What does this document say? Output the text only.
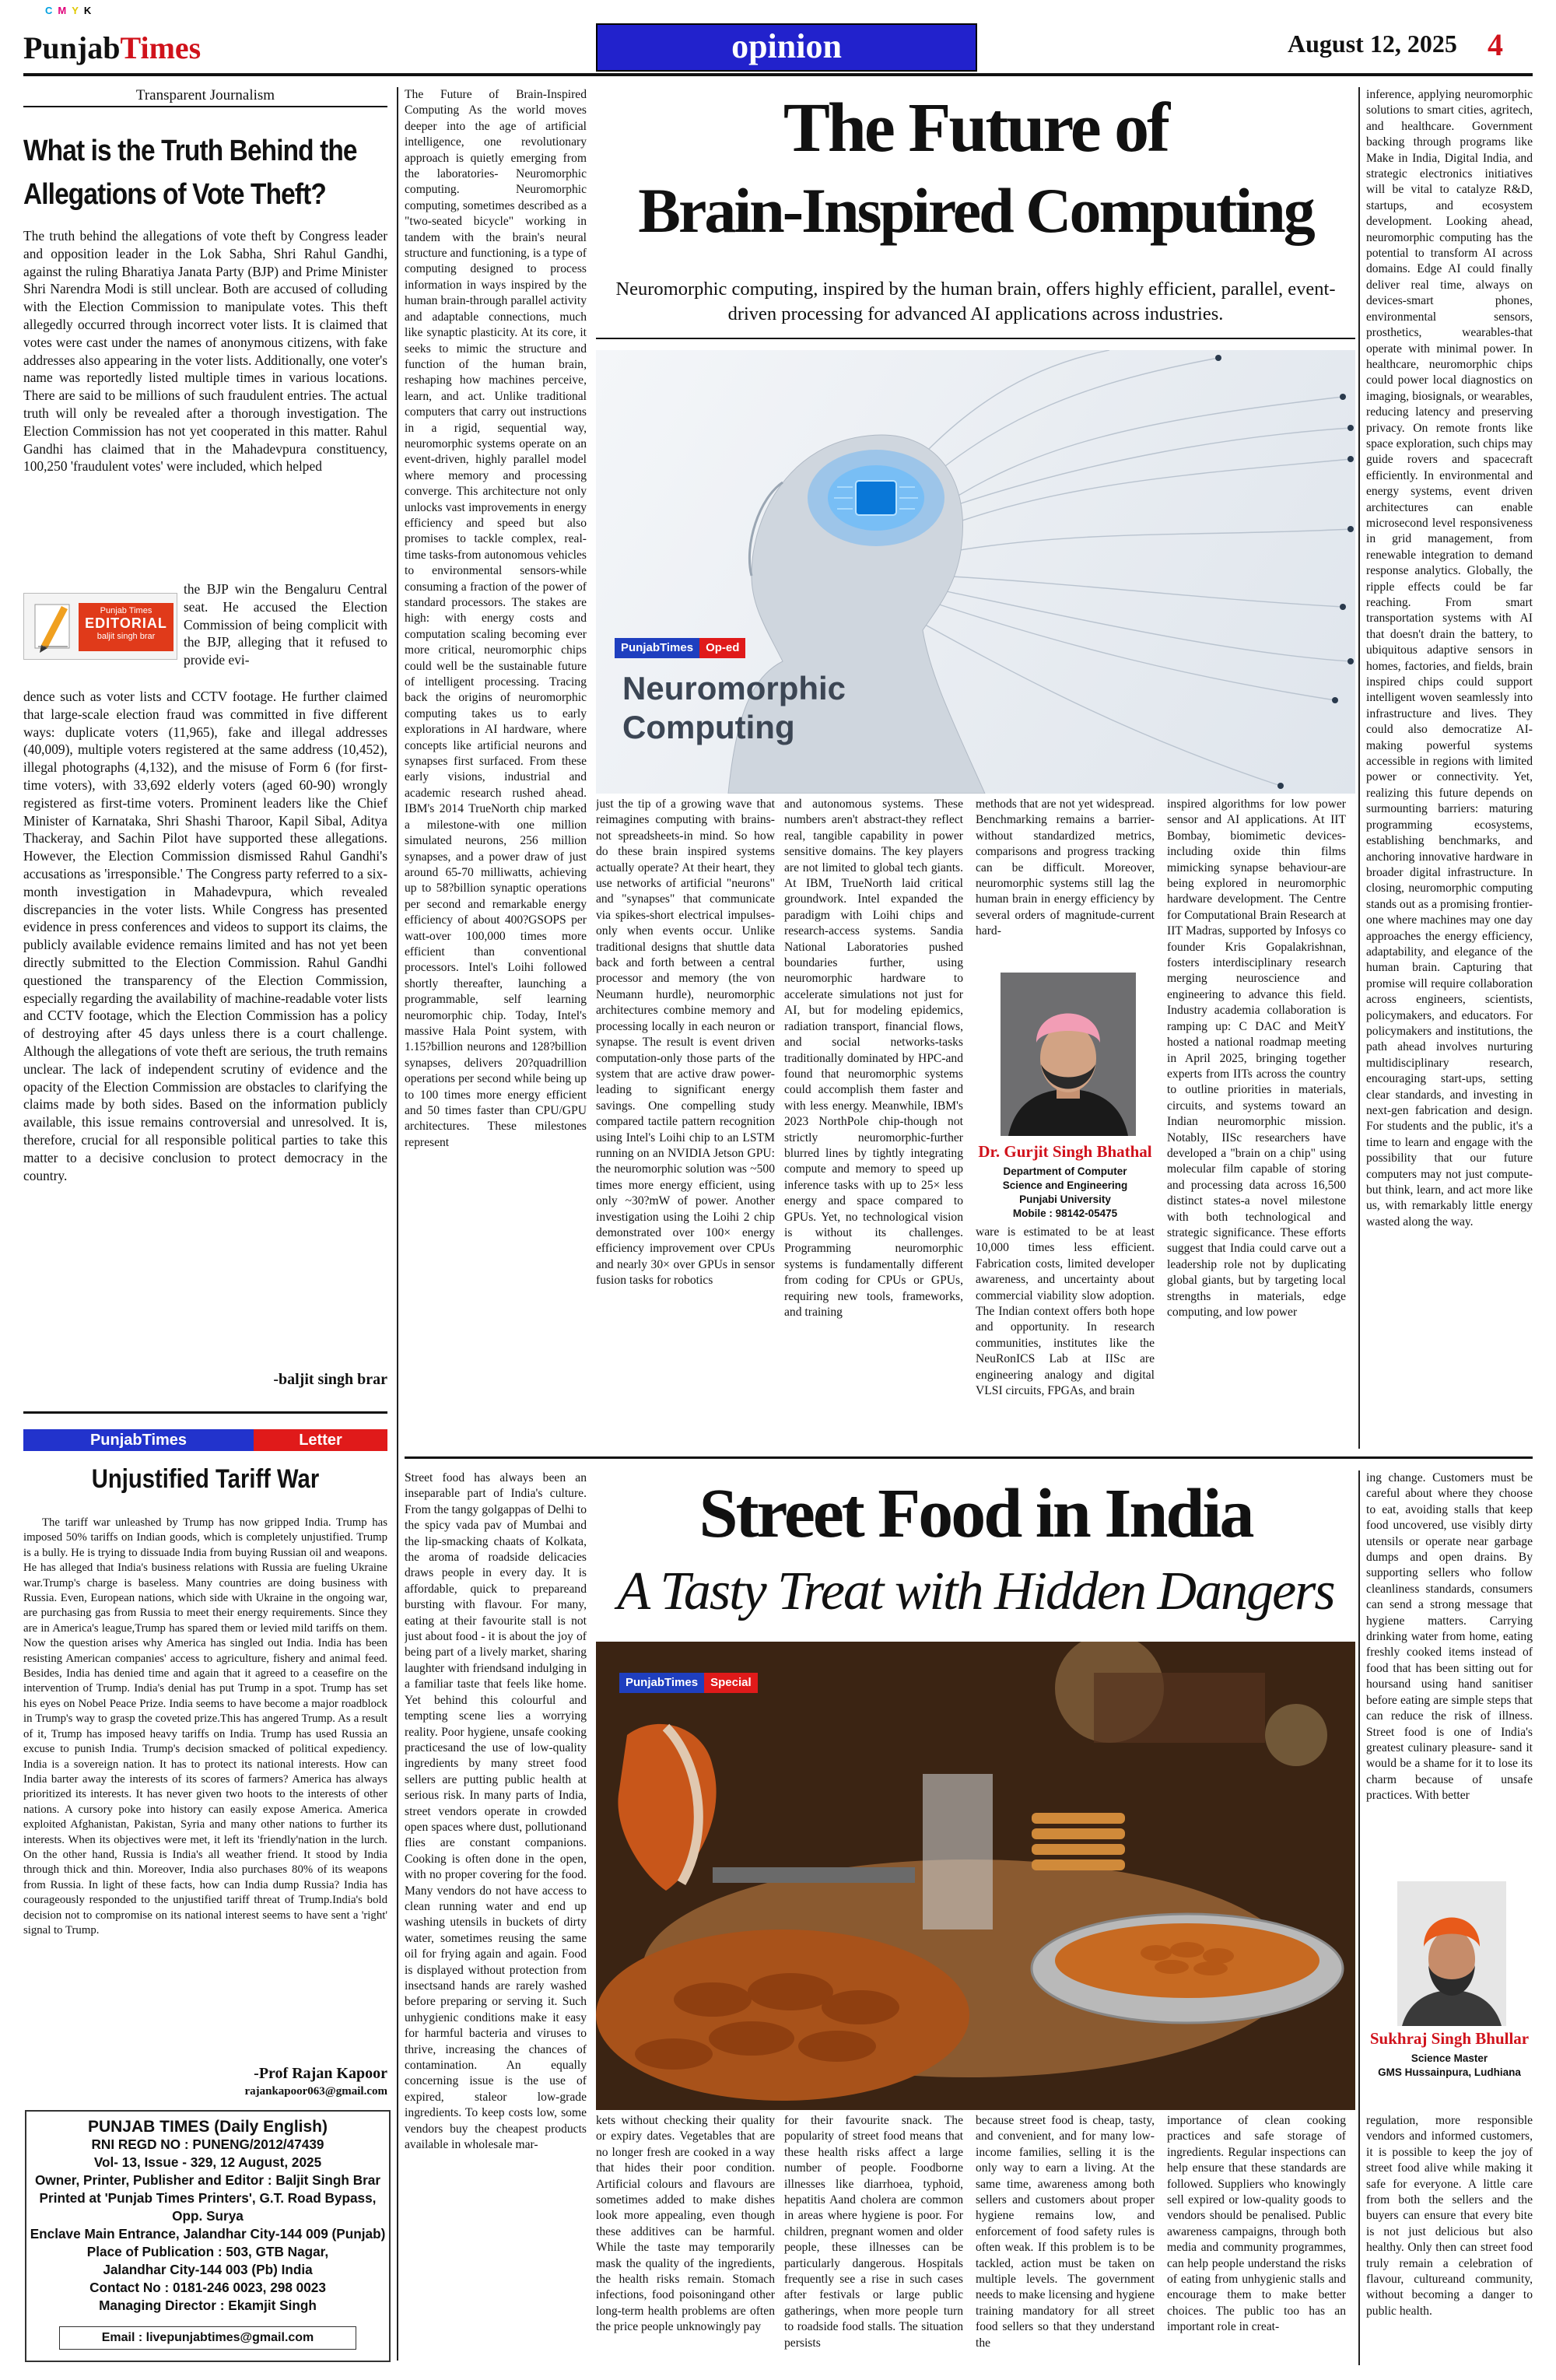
C M Y K
PunjabTimes	opinion	August 12, 2025 4
Transparent Journalism
What is the Truth Behind the Allegations of Vote Theft?
The truth behind the allegations of vote theft by Congress leader and opposition leader in the Lok Sabha, Shri Rahul Gandhi, against the ruling Bharatiya Janata Party (BJP) and Prime Minister Shri Narendra Modi is still unclear. Both are accused of colluding with the Election Commission to manipulate votes. This theft allegedly occurred through incorrect voter lists. It is claimed that votes were cast under the names of anonymous citizens, with fake addresses also appearing in the voter lists. Additionally, one voter's name was reportedly listed multiple times in various locations. There are said to be millions of such fraudulent entries. The actual truth will only be revealed after a thorough investigation. The Election Commission has not yet cooperated in this matter. Rahul Gandhi has claimed that in the Mahadevpura constituency, 100,250 'fraudulent votes' were included, which helped
Punjab Times
EDITORIAL
baljit singh brar
the BJP win the Bengaluru Central seat. He accused the Election Commission of being complicit with the BJP, alleging that it refused to provide evi-
dence such as voter lists and CCTV footage. He further claimed that large-scale election fraud was committed in five different ways: duplicate voters (11,965), fake and illegal addresses (40,009), multiple voters registered at the same address (10,452), illegal photographs (4,132), and the misuse of Form 6 (for first-time voters), with 33,692 elderly voters (aged 60-90) wrongly registered as first-time voters. Prominent leaders like the Chief Minister of Karnataka, Shri Shashi Tharoor, Kapil Sibal, Aditya Thackeray, and Sachin Pilot have supported these allegations. However, the Election Commission dismissed Rahul Gandhi's accusations as 'irresponsible.' The Congress party referred to a six-month investigation in Mahadevpura, which revealed discrepancies in the voter lists. While Congress has presented evidence in press conferences and videos to support its claims, the publicly available evidence remains limited and has not yet been directly submitted to the Election Commission. Rahul Gandhi questioned the transparency of the Election Commission, especially regarding the availability of machine-readable voter lists and CCTV footage, which the Election Commission has a policy of destroying after 45 days unless there is a court challenge. Although the allegations of vote theft are serious, the truth remains unclear. The lack of independent scrutiny of evidence and the opacity of the Election Commission are obstacles to clarifying the claims made by both sides. Based on the information publicly available, this issue remains controversial and unresolved. It is, therefore, crucial for all responsible political parties to take this matter to a decisive conclusion to protect democracy in the country.
-baljit singh brar
PunjabTimes	Letter
Unjustified Tariff War
The tariff war unleashed by Trump has now gripped India. Trump has imposed 50% tariffs on Indian goods, which is completely unjustified. Trump is a bully. He is trying to dissuade India from buying Russian oil and weapons. He has alleged that India's business relations with Russia are fueling Ukraine war.Trump's charge is baseless. Many countries are doing business with Russia. Even, European nations, which side with Ukraine in the ongoing war, are purchasing gas from Russia to meet their energy requirements. Since they are in America's league,Trump has spared them or levied mild tariffs on them. Now the question arises why America has singled out India. India has been resisting American companies' access to agriculture, fishery and animal feed. Besides, India has denied time and again that it agreed to a ceasefire on the intervention of Trump. India's denial has put Trump in a spot. Trump has set his eyes on Nobel Peace Prize. India seems to have become a major roadblock in Trump's way to grasp the coveted prize.This has angered Trump. As a result of it, Trump has imposed heavy tariffs on India. Trump has used Russia an excuse to punish India. Trump's decision smacked of political expediency. India is a sovereign nation. It has to protect its national interests. How can India barter away the interests of its scores of farmers? America has always prioritized its interests. It has never given two hoots to the interests of other nations. A cursory poke into history can easily expose America. America exploited Afghanistan, Pakistan, Syria and many other nations to further its interests. When its objectives were met, it left its 'friendly'nation in the lurch. On the other hand, Russia is India's all weather friend. It stood by India through thick and thin. Moreover, India also purchases 80% of its weapons from Russia. In light of these facts, how can India dump Russia? India has courageously responded to the unjustified tariff threat of Trump.India's bold decision not to compromise on its national interest seems to have sent a 'right' signal to Trump.
-Prof Rajan Kapoor
rajankapoor063@gmail.com
PUNJAB TIMES (Daily English)
RNI REGD NO : PUNENG/2012/47439
Vol- 13, Issue - 329, 12 August, 2025
Owner, Printer, Publisher and Editor : Baljit Singh Brar
Printed at 'Punjab Times Printers', G.T. Road Bypass, Opp. Surya
Enclave Main Entrance, Jalandhar City-144 009 (Punjab)
Place of Publication : 503, GTB Nagar,
Jalandhar City-144 003 (Pb) India
Contact No : 0181-246 0023, 298 0023
Managing Director : Ekamjit Singh
Email : livepunjabtimes@gmail.com
The Future of Brain-Inspired Computing As the world moves deeper into the age of artificial intelligence, one revolutionary approach is quietly emerging from the laboratories- Neuromorphic computing. Neuromorphic computing, sometimes described as a "two-seated bicycle" working in tandem with the brain's neural structure and functioning, is a type of computing designed to process information in ways inspired by the human brain-through parallel activity and adaptable connections, much like synaptic plasticity. At its core, it seeks to mimic the structure and function of the human brain, reshaping how machines perceive, learn, and act. Unlike traditional computers that carry out instructions in a rigid, sequential way, neuromorphic systems operate on an event-driven, highly parallel model where memory and processing converge. This architecture not only unlocks vast improvements in energy efficiency and speed but also promises to tackle complex, real-time tasks-from autonomous vehicles to environmental sensors-while consuming a fraction of the power of standard processors. The stakes are high: with energy costs and computation scaling becoming ever more critical, neuromorphic chips could well be the sustainable future of intelligent processing. Tracing back the origins of neuromorphic computing takes us to early explorations in AI hardware, where concepts like artificial neurons and synapses first surfaced. From these early visions, industrial and academic research rushed ahead. IBM's 2014 TrueNorth chip marked a milestone-with one million simulated neurons, 256 million synapses, and a power draw of just around 65-70 milliwatts, achieving up to 58?billion synaptic operations per second and remarkable energy efficiency of about 400?GSOPS per watt-over 100,000 times more efficient than conventional processors. Intel's Loihi followed shortly thereafter, launching a programmable, self learning neuromorphic chip. Today, Intel's massive Hala Point system, with 1.15?billion neurons and 128?billion synapses, delivers 20?quadrillion operations per second while being up to 100 times more energy efficient and 50 times faster than CPU/GPU architectures. These milestones represent
The Future of
Brain-Inspired Computing
Neuromorphic computing, inspired by the human brain, offers highly efficient, parallel, event-driven processing for advanced AI applications across industries.
PunjabTimes	Op-ed
Neuromorphic
Computing
just the tip of a growing wave that reimagines computing with brains-not spreadsheets-in mind. So how do these brain inspired systems actually operate? At their heart, they use networks of artificial "neurons" and "synapses" that communicate via spikes-short electrical impulses-only when events occur. Unlike traditional designs that shuttle data back and forth between a central processor and memory (the von Neumann hurdle), neuromorphic architectures combine memory and processing locally in each neuron or synapse. The result is event driven computation-only those parts of the system that are active draw power-leading to significant energy savings. One compelling study compared tactile pattern recognition using Intel's Loihi chip to an LSTM running on an NVIDIA Jetson GPU: the neuromorphic solution was ~500 times more energy efficient, using only ~30?mW of power. Another investigation using the Loihi 2 chip demonstrated over 100× energy efficiency improvement over CPUs and nearly 30× over GPUs in sensor fusion tasks for robotics
and autonomous systems. These numbers aren't abstract-they reflect real, tangible capability in power sensitive domains. The key players are not limited to global tech giants. At IBM, TrueNorth laid critical groundwork. Intel expanded the paradigm with Loihi chips and research-access systems. Sandia National Laboratories pushed boundaries further, using neuromorphic hardware to accelerate simulations not just for AI, but for modeling epidemics, radiation transport, financial flows, and social networks-tasks traditionally dominated by HPC-and found that neuromorphic systems could accomplish them faster and with less energy. Meanwhile, IBM's 2023 NorthPole chip-though not strictly neuromorphic-further blurred lines by tightly integrating compute and memory to speed up inference tasks with up to 25× less energy and space compared to GPUs. Yet, no technological vision is without its challenges. Programming neuromorphic systems is fundamentally different from coding for CPUs or GPUs, requiring new tools, frameworks, and training
methods that are not yet widespread. Benchmarking remains a barrier-without standardized metrics, comparisons and progress tracking can be difficult. Moreover, neuromorphic systems still lag the human brain in energy efficiency by several orders of magnitude-current hard-
Dr. Gurjit Singh Bhathal
Department of Computer
Science and Engineering
Punjabi University
Mobile : 98142-05475
ware is estimated to be at least 10,000 times less efficient. Fabrication costs, limited developer awareness, and uncertainty about commercial viability slow adoption. The Indian context offers both hope and opportunity. In research communities, institutes like the NeuRonICS Lab at IISc are engineering analogy and digital VLSI circuits, FPGAs, and brain
inspired algorithms for low power sensor and AI applications. At IIT Bombay, biomimetic devices-including oxide thin films mimicking synapse behaviour-are being explored in neuromorphic hardware development. The Centre for Computational Brain Research at IIT Madras, supported by Infosys co founder Kris Gopalakrishnan, fosters interdisciplinary research merging neuroscience and engineering to advance this field. Industry academia collaboration is ramping up: C DAC and MeitY hosted a national roadmap meeting in April 2025, bringing together experts from IITs across the country to outline priorities in materials, circuits, and systems toward an Indian neuromorphic mission. Notably, IISc researchers have developed a "brain on a chip" using molecular film capable of storing and processing data across 16,500 distinct states-a novel milestone with both technological and strategic significance. These efforts suggest that India could carve out a leadership role not by duplicating global giants, but by targeting local strengths in materials, edge computing, and low power
inference, applying neuromorphic solutions to smart cities, agritech, and healthcare. Government backing through programs like Make in India, Digital India, and strategic electronics initiatives will be vital to catalyze R&D, startups, and ecosystem development. Looking ahead, neuromorphic computing has the potential to transform AI across domains. Edge AI could finally deliver real time, always on devices-smart phones, environmental sensors, prosthetics, wearables-that operate with minimal power. In healthcare, neuromorphic chips could power local diagnostics on imaging, biosignals, or wearables, reducing latency and preserving privacy. On remote fronts like space exploration, such chips may guide rovers and spacecraft efficiently. In environmental and energy systems, event driven architectures can enable microsecond level responsiveness in grid management, from renewable integration to demand response analytics. Globally, the ripple effects could be far reaching. From smart transportation systems with AI that doesn't drain the battery, to ubiquitous adaptive sensors in homes, factories, and fields, brain inspired chips could support intelligent woven seamlessly into infrastructure and lives. They could also democratize AI-making powerful systems accessible in regions with limited power or connectivity. Yet, realizing this future depends on surmounting barriers: maturing programming ecosystems, establishing benchmarks, and anchoring innovative hardware in broader digital infrastructure. In closing, neuromorphic computing stands out as a promising frontier-one where machines may one day approaches the energy efficiency, adaptability, and elegance of the human brain. Capturing that promise will require collaboration across engineers, scientists, policymakers, and educators. For policymakers and institutions, the path ahead involves nurturing multidisciplinary research, encouraging start-ups, setting clear standards, and investing in next-gen fabrication and design. For students and the public, it's a time to learn and engage with the possibility that our future computers may not just compute-but think, learn, and act more like us, with remarkably little energy wasted along the way.
Street food has always been an inseparable part of India's culture. From the tangy golgappas of Delhi to the spicy vada pav of Mumbai and the lip-smacking chaats of Kolkata, the aroma of roadside delicacies draws people in every day. It is affordable, quick to prepareand bursting with flavour. For many, eating at their favourite stall is not just about food - it is about the joy of being part of a lively market, sharing laughter with friendsand indulging in a familiar taste that feels like home. Yet behind this colourful and tempting scene lies a worrying reality. Poor hygiene, unsafe cooking practicesand the use of low-quality ingredients by many street food sellers are putting public health at serious risk. In many parts of India, street vendors operate in crowded open spaces where dust, pollutionand flies are constant companions. Cooking is often done in the open, with no proper covering for the food. Many vendors do not have access to clean running water and end up washing utensils in buckets of dirty water, sometimes reusing the same oil for frying again and again. Food is displayed without protection from insectsand hands are rarely washed before preparing or serving it. Such unhygienic conditions make it easy for harmful bacteria and viruses to thrive, increasing the chances of contamination. An equally concerning issue is the use of expired, staleor low-grade ingredients. To keep costs low, some vendors buy the cheapest products available in wholesale mar-
Street Food in India
A Tasty Treat with Hidden Dangers
PunjabTimes	Special
kets without checking their quality or expiry dates. Vegetables that are no longer fresh are cooked in a way that hides their poor condition. Artificial colours and flavours are sometimes added to make dishes look more appealing, even though these additives can be harmful. While the taste may temporarily mask the quality of the ingredients, the health risks remain. Stomach infections, food poisoningand other long-term health problems are often the price people unknowingly pay
for their favourite snack. The popularity of street food means that these health risks affect a large number of people. Foodborne illnesses like diarrhoea, typhoid, hepatitis Aand cholera are common in areas where hygiene is poor. For children, pregnant women and older people, these illnesses can be particularly dangerous. Hospitals frequently see a rise in such cases after festivals or large public gatherings, when more people turn to roadside food stalls. The situation persists
because street food is cheap, tasty, and convenient, and for many low-income families, selling it is the only way to earn a living. At the same time, awareness among both sellers and customers about proper hygiene remains low, and enforcement of food safety rules is often weak. If this problem is to be tackled, action must be taken on multiple levels. The government needs to make licensing and hygiene training mandatory for all street food sellers so that they understand the
importance of clean cooking practices and safe storage of ingredients. Regular inspections can help ensure that these standards are followed. Suppliers who knowingly sell expired or low-quality goods to vendors should be penalised. Public awareness campaigns, through both media and community programmes, can help people understand the risks of eating from unhygienic stalls and encourage them to make better choices. The public too has an important role in creat-
ing change. Customers must be careful about where they choose to eat, avoiding stalls that keep food uncovered, use visibly dirty utensils or operate near garbage dumps and open drains. By supporting sellers who follow cleanliness standards, consumers can send a strong message that hygiene matters. Carrying drinking water from home, eating freshly cooked items instead of food that has been sitting out for hoursand using hand sanitiser before eating are simple steps that can reduce the risk of illness. Street food is one of India's greatest culinary pleasure- sand it would be a shame for it to lose its charm because of unsafe practices. With better
Sukhraj Singh Bhullar
Science Master
GMS Hussainpura, Ludhiana
regulation, more responsible vendors and informed customers, it is possible to keep the joy of street food alive while making it safe for everyone. A little care from both the sellers and the buyers can ensure that every bite is not just delicious but also healthy. Only then can street food truly remain a celebration of flavour, cultureand community, without becoming a danger to public health.
